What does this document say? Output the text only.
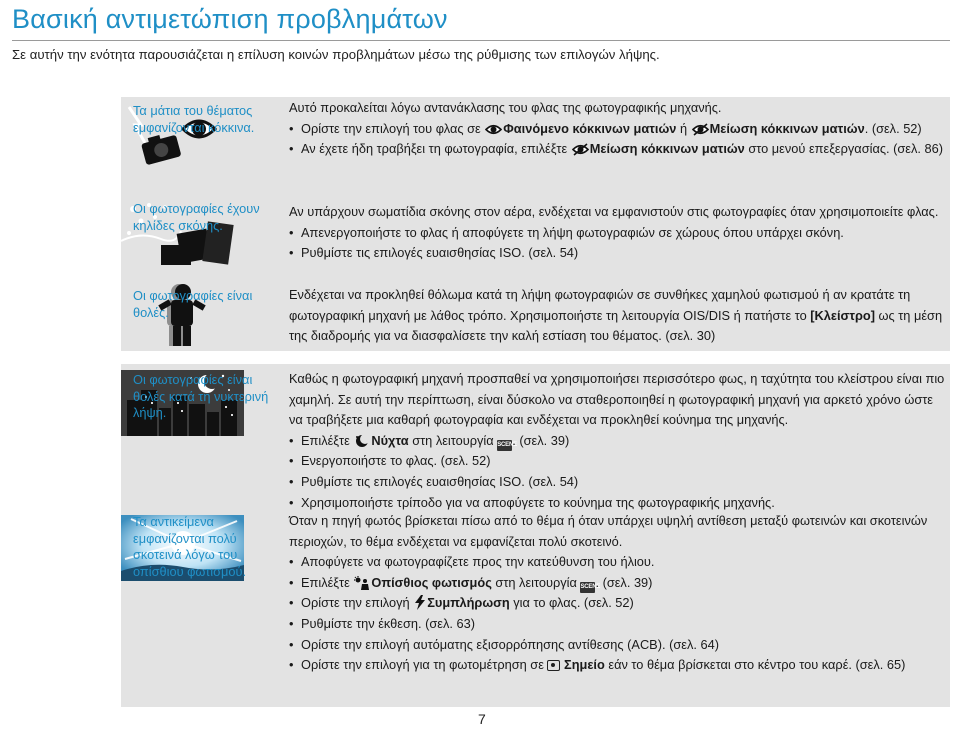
Βασική αντιμετώπιση προβλημάτων
Σε αυτήν την ενότητα παρουσιάζεται η επίλυση κοινών προβλημάτων μέσω της ρύθμισης των επιλογών λήψης.
Τα μάτια του θέματος εμφανίζονται κόκκινα.
Αυτό προκαλείται λόγω αντανάκλασης του φλας της φωτογραφικής μηχανής.
• Ορίστε την επιλογή του φλας σε Φαινόμενο κόκκινων ματιών ή Μείωση κόκκινων ματιών. (σελ. 52)
• Αν έχετε ήδη τραβήξει τη φωτογραφία, επιλέξτε Μείωση κόκκινων ματιών στο μενού επεξεργασίας. (σελ. 86)
Οι φωτογραφίες έχουν κηλίδες σκόνης.
Αν υπάρχουν σωματίδια σκόνης στον αέρα, ενδέχεται να εμφανιστούν στις φωτογραφίες όταν χρησιμοποιείτε φλας.
• Απενεργοποιήστε το φλας ή αποφύγετε τη λήψη φωτογραφιών σε χώρους όπου υπάρχει σκόνη.
• Ρυθμίστε τις επιλογές ευαισθησίας ISO. (σελ. 54)
Οι φωτογραφίες είναι θολές.
Ενδέχεται να προκληθεί θόλωμα κατά τη λήψη φωτογραφιών σε συνθήκες χαμηλού φωτισμού ή αν κρατάτε τη φωτογραφική μηχανή με λάθος τρόπο. Χρησιμοποιήστε τη λειτουργία OIS/DIS ή πατήστε το [Κλείστρο] ως τη μέση της διαδρομής για να διασφαλίσετε την καλή εστίαση του θέματος. (σελ. 30)
Οι φωτογραφίες είναι θολές κατά τη νυκτερινή λήψη.
Καθώς η φωτογραφική μηχανή προσπαθεί να χρησιμοποιήσει περισσότερο φως, η ταχύτητα του κλείστρου είναι πιο χαμηλή. Σε αυτή την περίπτωση, είναι δύσκολο να σταθεροποιηθεί η φωτογραφική μηχανή για αρκετό χρόνο ώστε να τραβήξετε μια καθαρή φωτογραφία και ενδέχεται να προκληθεί κούνημα της μηχανής.
• Επιλέξτε Νύχτα στη λειτουργία SCENE. (σελ. 39)
• Ενεργοποιήστε το φλας. (σελ. 52)
• Ρυθμίστε τις επιλογές ευαισθησίας ISO. (σελ. 54)
• Χρησιμοποιήστε τρίποδο για να αποφύγετε το κούνημα της φωτογραφικής μηχανής.
Τα αντικείμενα εμφανίζονται πολύ σκοτεινά λόγω του οπίσθιου φωτισμού.
Όταν η πηγή φωτός βρίσκεται πίσω από το θέμα ή όταν υπάρχει υψηλή αντίθεση μεταξύ φωτεινών και σκοτεινών περιοχών, το θέμα ενδέχεται να εμφανίζεται πολύ σκοτεινό.
• Αποφύγετε να φωτογραφίζετε προς την κατεύθυνση του ήλιου.
• Επιλέξτε Οπίσθιος φωτισμός στη λειτουργία SCENE. (σελ. 39)
• Ορίστε την επιλογή Συμπλήρωση για το φλας. (σελ. 52)
• Ρυθμίστε την έκθεση. (σελ. 63)
• Ορίστε την επιλογή αυτόματης εξισορρόπησης αντίθεσης (ACB). (σελ. 64)
• Ορίστε την επιλογή για τη φωτομέτρηση σε  Σημείο εάν το θέμα βρίσκεται στο κέντρο του καρέ. (σελ. 65)
7
